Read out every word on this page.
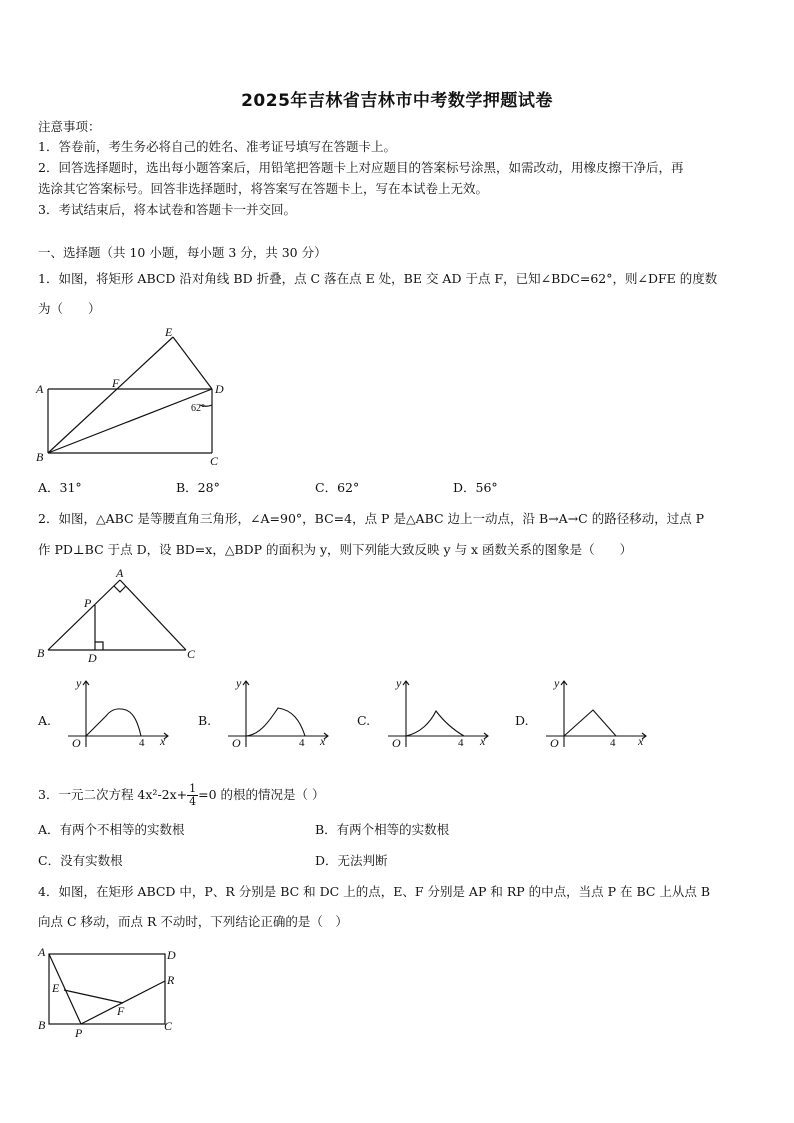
2025年吉林省吉林市中考数学押题试卷
注意事项：
1．答卷前，考生务必将自己的姓名、准考证号填写在答题卡上。
2．回答选择题时，选出每小题答案后，用铅笔把答题卡上对应题目的答案标号涂黑，如需改动，用橡皮擦干净后，再
选涂其它答案标号。回答非选择题时，将答案写在答题卡上，写在本试卷上无效。
3．考试结束后，将本试卷和答题卡一并交回。
一、选择题（共 10 小题，每小题 3 分，共 30 分）
1．如图，将矩形 ABCD 沿对角线 BD 折叠，点 C 落在点 E 处，BE 交 AD 于点 F，已知∠BDC=62°，则∠DFE 的度数
为（　　）
A
B	C
D
E
F
62°
A．31°	B．28°	C．62°	D．56°
2．如图，△ABC 是等腰直角三角形，∠A=90°，BC=4，点 P 是△ABC 边上一动点，沿 B→A→C 的路径移动，过点 P
作 PD⊥BC 于点 D，设 BD=x，△BDP 的面积为 y，则下列能大致反映 y 与 x 函数关系的图象是（　　）
A
B	C
P
D
A.
y
x
O	4
B.
y
x
O	4
C.
y
x
O	4
D.
y
x
O	4
3．一元二次方程 $4x^2-2x+ \frac{1}{4} =0$ 的根的情况是（ ）
A．有两个不相等的实数根	B．有两个相等的实数根
C．没有实数根	D．无法判断
4．如图，在矩形 ABCD 中，P、R 分别是 BC 和 DC 上的点，E、F 分别是 AP 和 RP 的中点，当点 P 在 BC 上从点 B
向点 C 移动，而点 R 不动时，下列结论正确的是（　）
A
B	C
D
E
F
P
R
